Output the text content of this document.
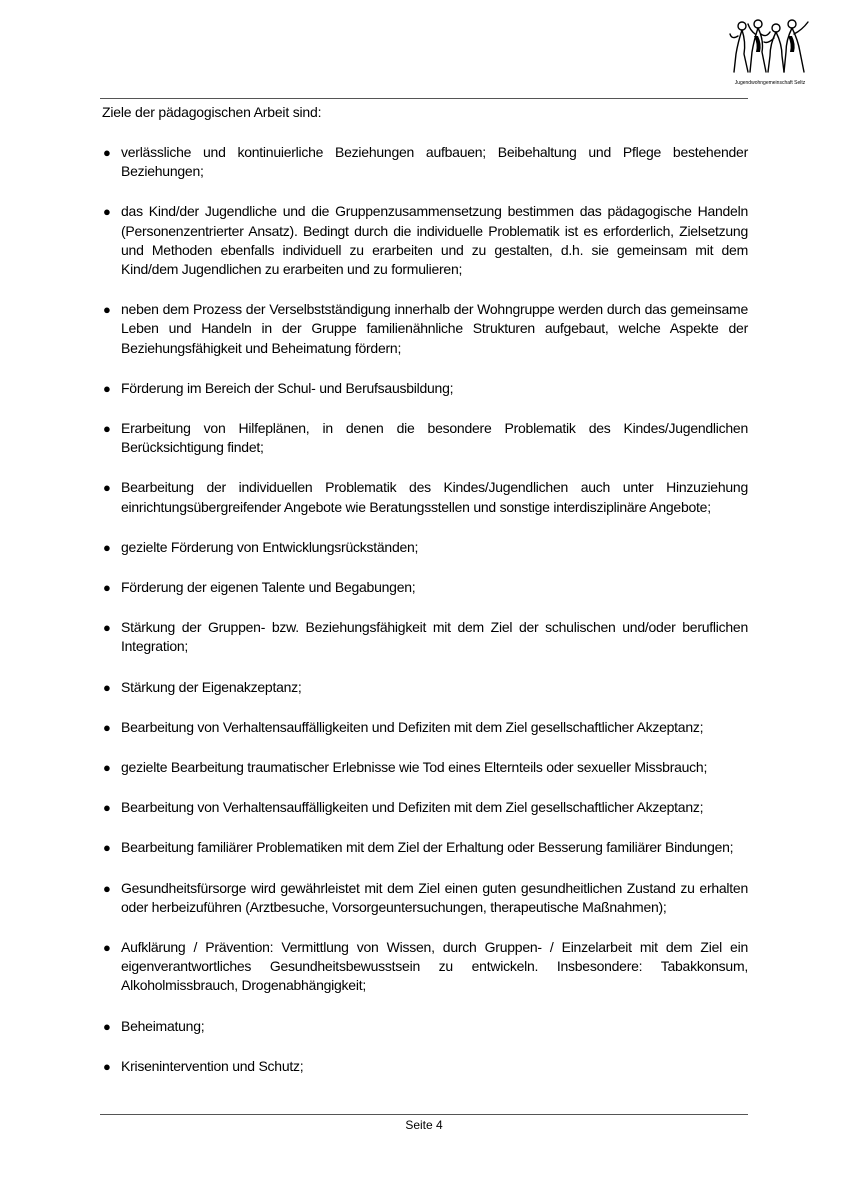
Jugendwohngemeinschaft Seltz
Ziele der pädagogischen Arbeit sind:
● verlässliche und kontinuierliche Beziehungen aufbauen; Beibehaltung und Pflege bestehender Beziehungen;
● das Kind/der Jugendliche und die Gruppenzusammensetzung bestimmen das pädagogische Handeln (Personenzentrierter Ansatz). Bedingt durch die individuelle Problematik ist es erforderlich, Zielsetzung und Methoden ebenfalls individuell zu erarbeiten und zu gestalten, d.h. sie gemeinsam mit dem Kind/dem Jugendlichen zu erarbeiten und zu formulieren;
● neben dem Prozess der Verselbstständigung innerhalb der Wohngruppe werden durch das gemeinsame Leben und Handeln in der Gruppe familienähnliche Strukturen aufgebaut, welche Aspekte der Beziehungsfähigkeit und Beheimatung fördern;
● Förderung im Bereich der Schul- und Berufsausbildung;
● Erarbeitung von Hilfeplänen, in denen die besondere Problematik des Kindes/Jugendlichen Berücksichtigung findet;
● Bearbeitung der individuellen Problematik des Kindes/Jugendlichen auch unter Hinzuziehung einrichtungsübergreifender Angebote wie Beratungsstellen und sonstige interdisziplinäre Angebote;
● gezielte Förderung von Entwicklungsrückständen;
● Förderung der eigenen Talente und Begabungen;
● Stärkung der Gruppen- bzw. Beziehungsfähigkeit mit dem Ziel der schulischen und/oder beruflichen Integration;
● Stärkung der Eigenakzeptanz;
● Bearbeitung von Verhaltensauffälligkeiten und Defiziten mit dem Ziel gesellschaftlicher Akzeptanz;
● gezielte Bearbeitung traumatischer Erlebnisse wie Tod eines Elternteils oder sexueller Missbrauch;
● Bearbeitung von Verhaltensauffälligkeiten und Defiziten mit dem Ziel gesellschaftlicher Akzeptanz;
● Bearbeitung familiärer Problematiken mit dem Ziel der Erhaltung oder Besserung familiärer Bindungen;
● Gesundheitsfürsorge wird gewährleistet mit dem Ziel einen guten gesundheitlichen Zustand zu erhalten oder herbeizuführen (Arztbesuche, Vorsorgeuntersuchungen, therapeutische Maßnahmen);
● Aufklärung / Prävention: Vermittlung von Wissen, durch Gruppen- / Einzelarbeit mit dem Ziel ein eigenverantwortliches Gesundheitsbewusstsein zu entwickeln. Insbesondere: Tabakkonsum, Alkoholmissbrauch, Drogenabhängigkeit;
● Beheimatung;
● Krisenintervention und Schutz;
Seite 4
